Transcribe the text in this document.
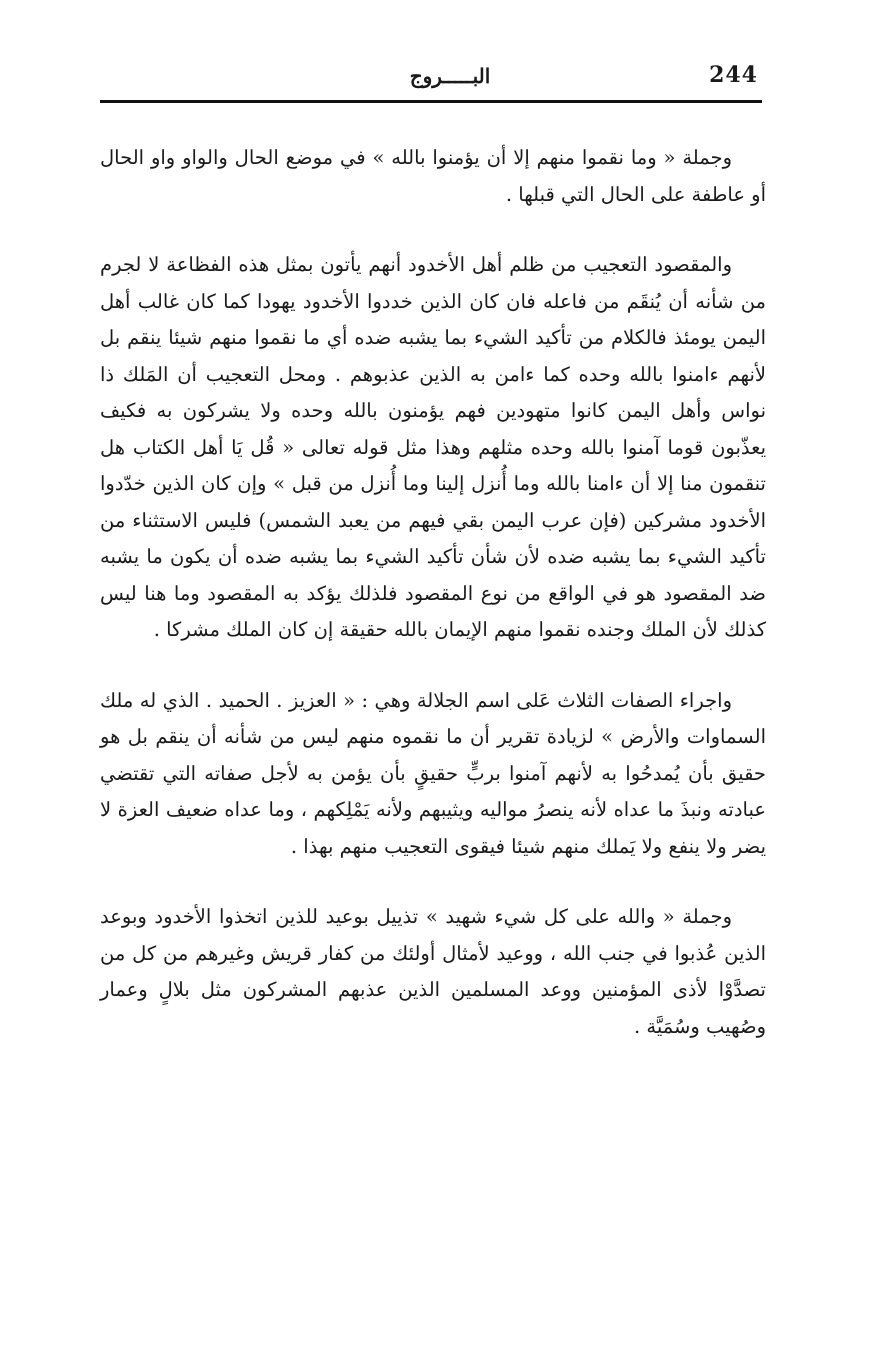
البـــــروج	244

وجملة « وما نقموا منهم إلا أن يؤمنوا بالله » في موضع الحال والواو واو الحال أو عاطفة على الحال التي قبلها .

والمقصود التعجيب من ظلم أهل الأخدود أنهم يأتون بمثل هذه الفظاعة لا لجرم من شأنه أن يُنقَم من فاعله فان كان الذين خددوا الأخدود يهودا كما كان غالب أهل اليمن يومئذ فالكلام من تأكيد الشيء بما يشبه ضده أي ما نقموا منهم شيئا ينقم بل لأنهم ءامنوا بالله وحده كما ءامن به الذين عذبوهم . ومحل التعجيب أن المَلك ذا نواس وأهل اليمن كانوا متهودين فهم يؤمنون بالله وحده ولا يشركون به فكيف يعذّبون قوما آمنوا بالله وحده مثلهم وهذا مثل قوله تعالى « قُل يَا أهل الكتاب هل تنقمون منا إلا أن ءامنا بالله وما أُنزل إلينا وما أُنزل من قبل » وإن كان الذين خدّدوا الأخدود مشركين (فإن عرب اليمن بقي فيهم من يعبد الشمس) فليس الاستثناء من تأكيد الشيء بما يشبه ضده لأن شأن تأكيد الشيء بما يشبه ضده أن يكون ما يشبه ضد المقصود هو في الواقع من نوع المقصود فلذلك يؤكد به المقصود وما هنا ليس كذلك لأن الملك وجنده نقموا منهم الإيمان بالله حقيقة إن كان الملك مشركا .

واجراء الصفات الثلاث عَلى اسم الجلالة وهي : « العزيز . الحميد . الذي له ملك السماوات والأرض » لزيادة تقرير أن ما نقموه منهم ليس من شأنه أن ينقم بل هو حقيق بأن يُمدحُوا به لأنهم آمنوا بربٍّ حقيقٍ بأن يؤمن به لأجل صفاته التي تقتضي عبادته ونبذَ ما عداه لأنه ينصرُ مواليه ويثيبهم ولأنه يَمْلِكهم ، وما عداه ضعيف العزة لا يضر ولا ينفع ولا يَملك منهم شيئا فيقوى التعجيب منهم بهذا .

وجملة « والله على كل شيء شهيد » تذييل بوعيد للذين اتخذوا الأخدود وبوعد الذين عُذبوا في جنب الله ، ووعيد لأمثال أولئك من كفار قريش وغيرهم من كل من تصدَّوْا لأذى المؤمنين ووعد المسلمين الذين عذبهم المشركون مثل بلالٍ وعمار وصُهيب وسُمَيَّة .
